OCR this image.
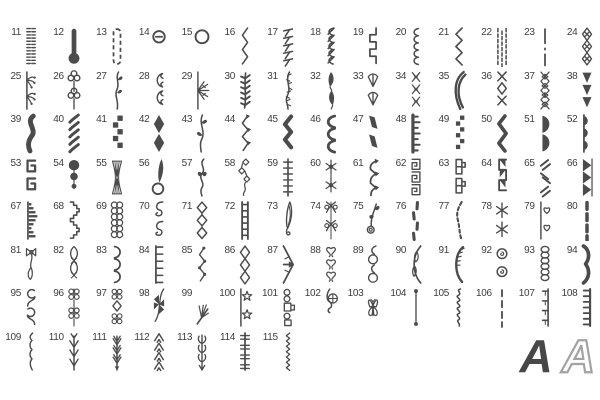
11	12	13	14	15	16	17	18	19	20	21	22	23	24
25	26	27	28	29	30	31	32	33	34	35	36	37	38
39	40	41	42	43	44	45	46	47	48	49	50	51	52
53	54	55	56	57	58	59	60	61	62	63	64	65	66
67	68	69	70	71	72	73	74	75	76	77	78	79	80
81	82	83	84	85	86	87	88	89	90	91	92	93	94
95	96	97	98	99	100	101	102	103	104	105	106	107	108
109	110	111	112	113	114	115	A A
